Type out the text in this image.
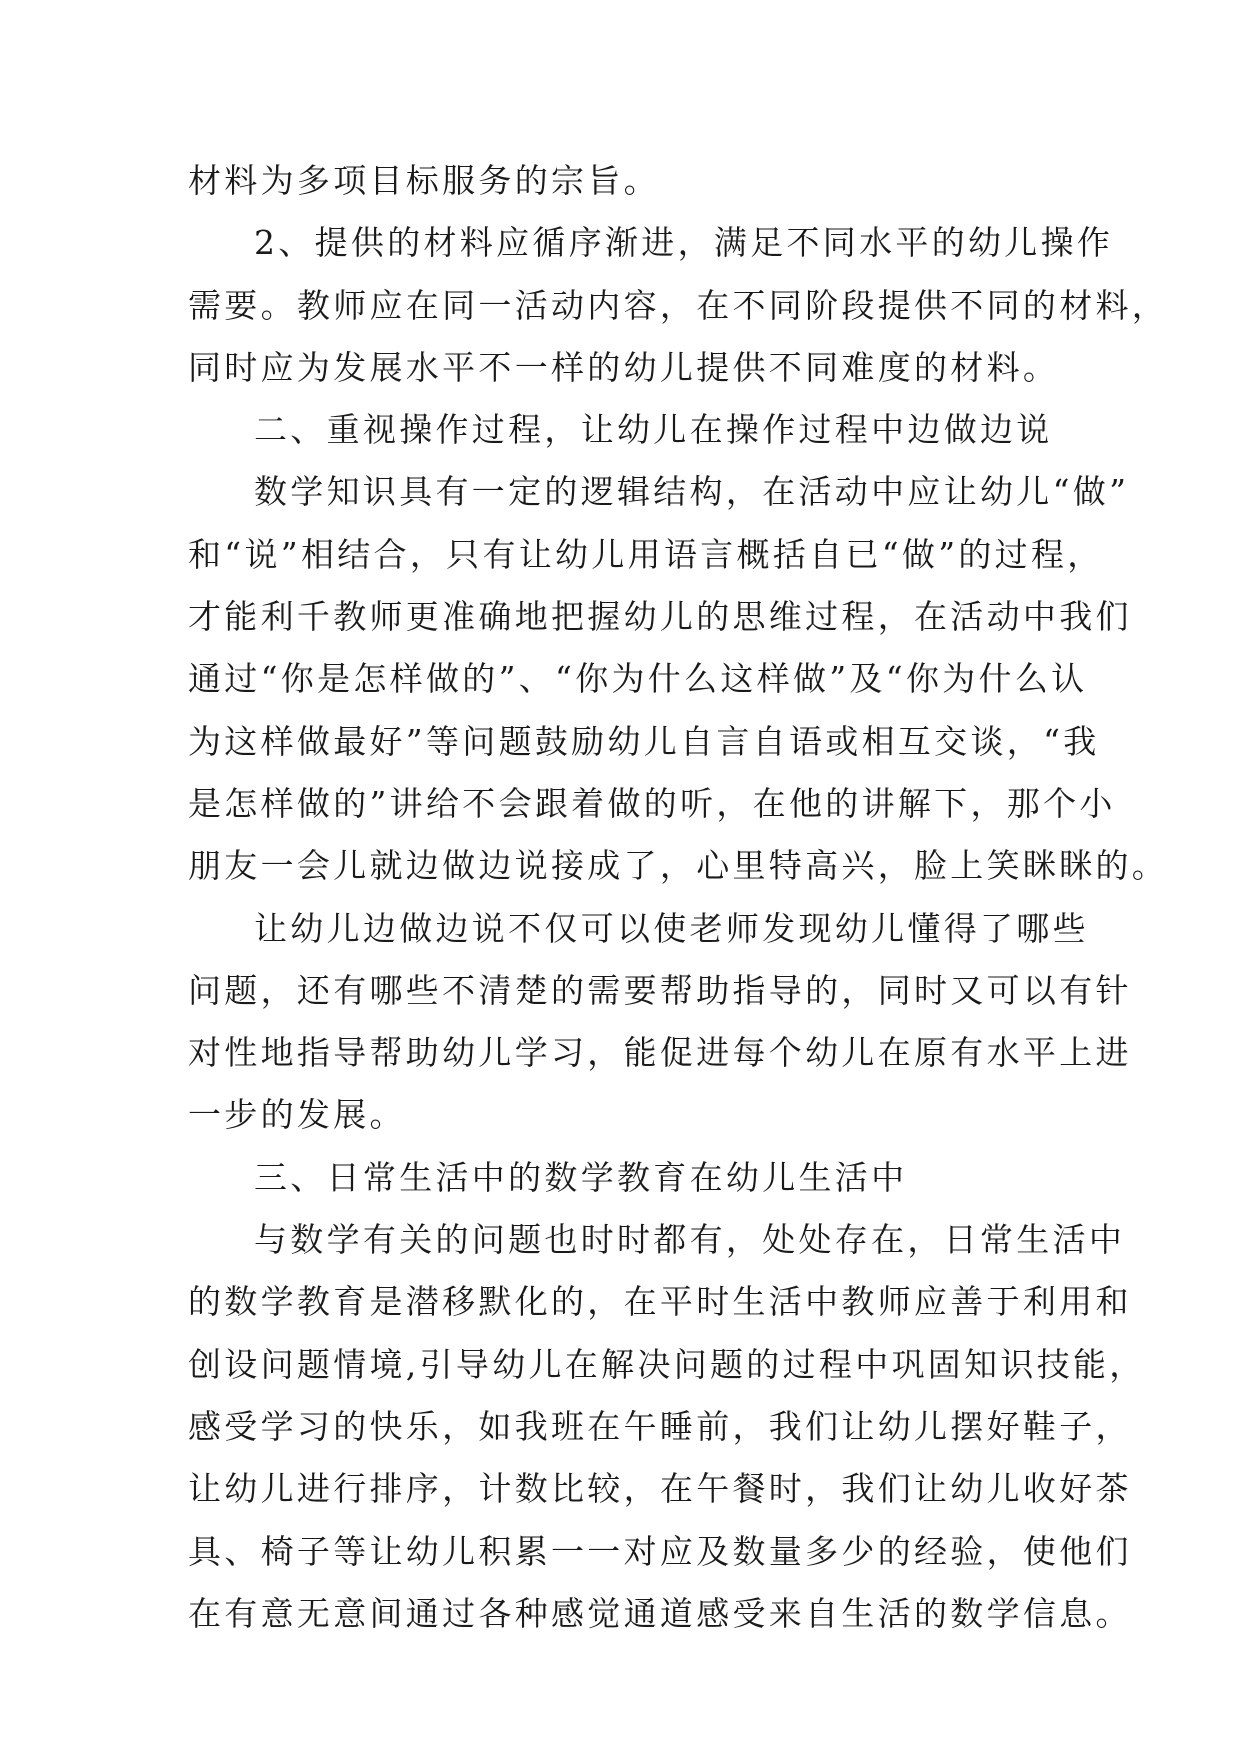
材料为多项目标服务的宗旨。
2、提供的材料应循序渐进，满足不同水平的幼儿操作
需要。教师应在同一活动内容，在不同阶段提供不同的材料，
同时应为发展水平不一样的幼儿提供不同难度的材料。
二、重视操作过程，让幼儿在操作过程中边做边说
数学知识具有一定的逻辑结构，在活动中应让幼儿“做”
和“说”相结合，只有让幼儿用语言概括自已“做”的过程，
才能利千教师更准确地把握幼儿的思维过程，在活动中我们
通过“你是怎样做的”、“你为什么这样做”及“你为什么认
为这样做最好”等问题鼓励幼儿自言自语或相互交谈，“我
是怎样做的”讲给不会跟着做的听，在他的讲解下，那个小
朋友一会儿就边做边说接成了，心里特高兴，脸上笑眯眯的。
让幼儿边做边说不仅可以使老师发现幼儿懂得了哪些
问题，还有哪些不清楚的需要帮助指导的，同时又可以有针
对性地指导帮助幼儿学习，能促进每个幼儿在原有水平上进
一步的发展。
三、日常生活中的数学教育在幼儿生活中
与数学有关的问题也时时都有，处处存在，日常生活中
的数学教育是潜移默化的，在平时生活中教师应善于利用和
创设问题情境,引导幼儿在解决问题的过程中巩固知识技能，
感受学习的快乐，如我班在午睡前，我们让幼儿摆好鞋子，
让幼儿进行排序，计数比较，在午餐时，我们让幼儿收好茶
具、椅子等让幼儿积累一一对应及数量多少的经验，使他们
在有意无意间通过各种感觉通道感受来自生活的数学信息。
